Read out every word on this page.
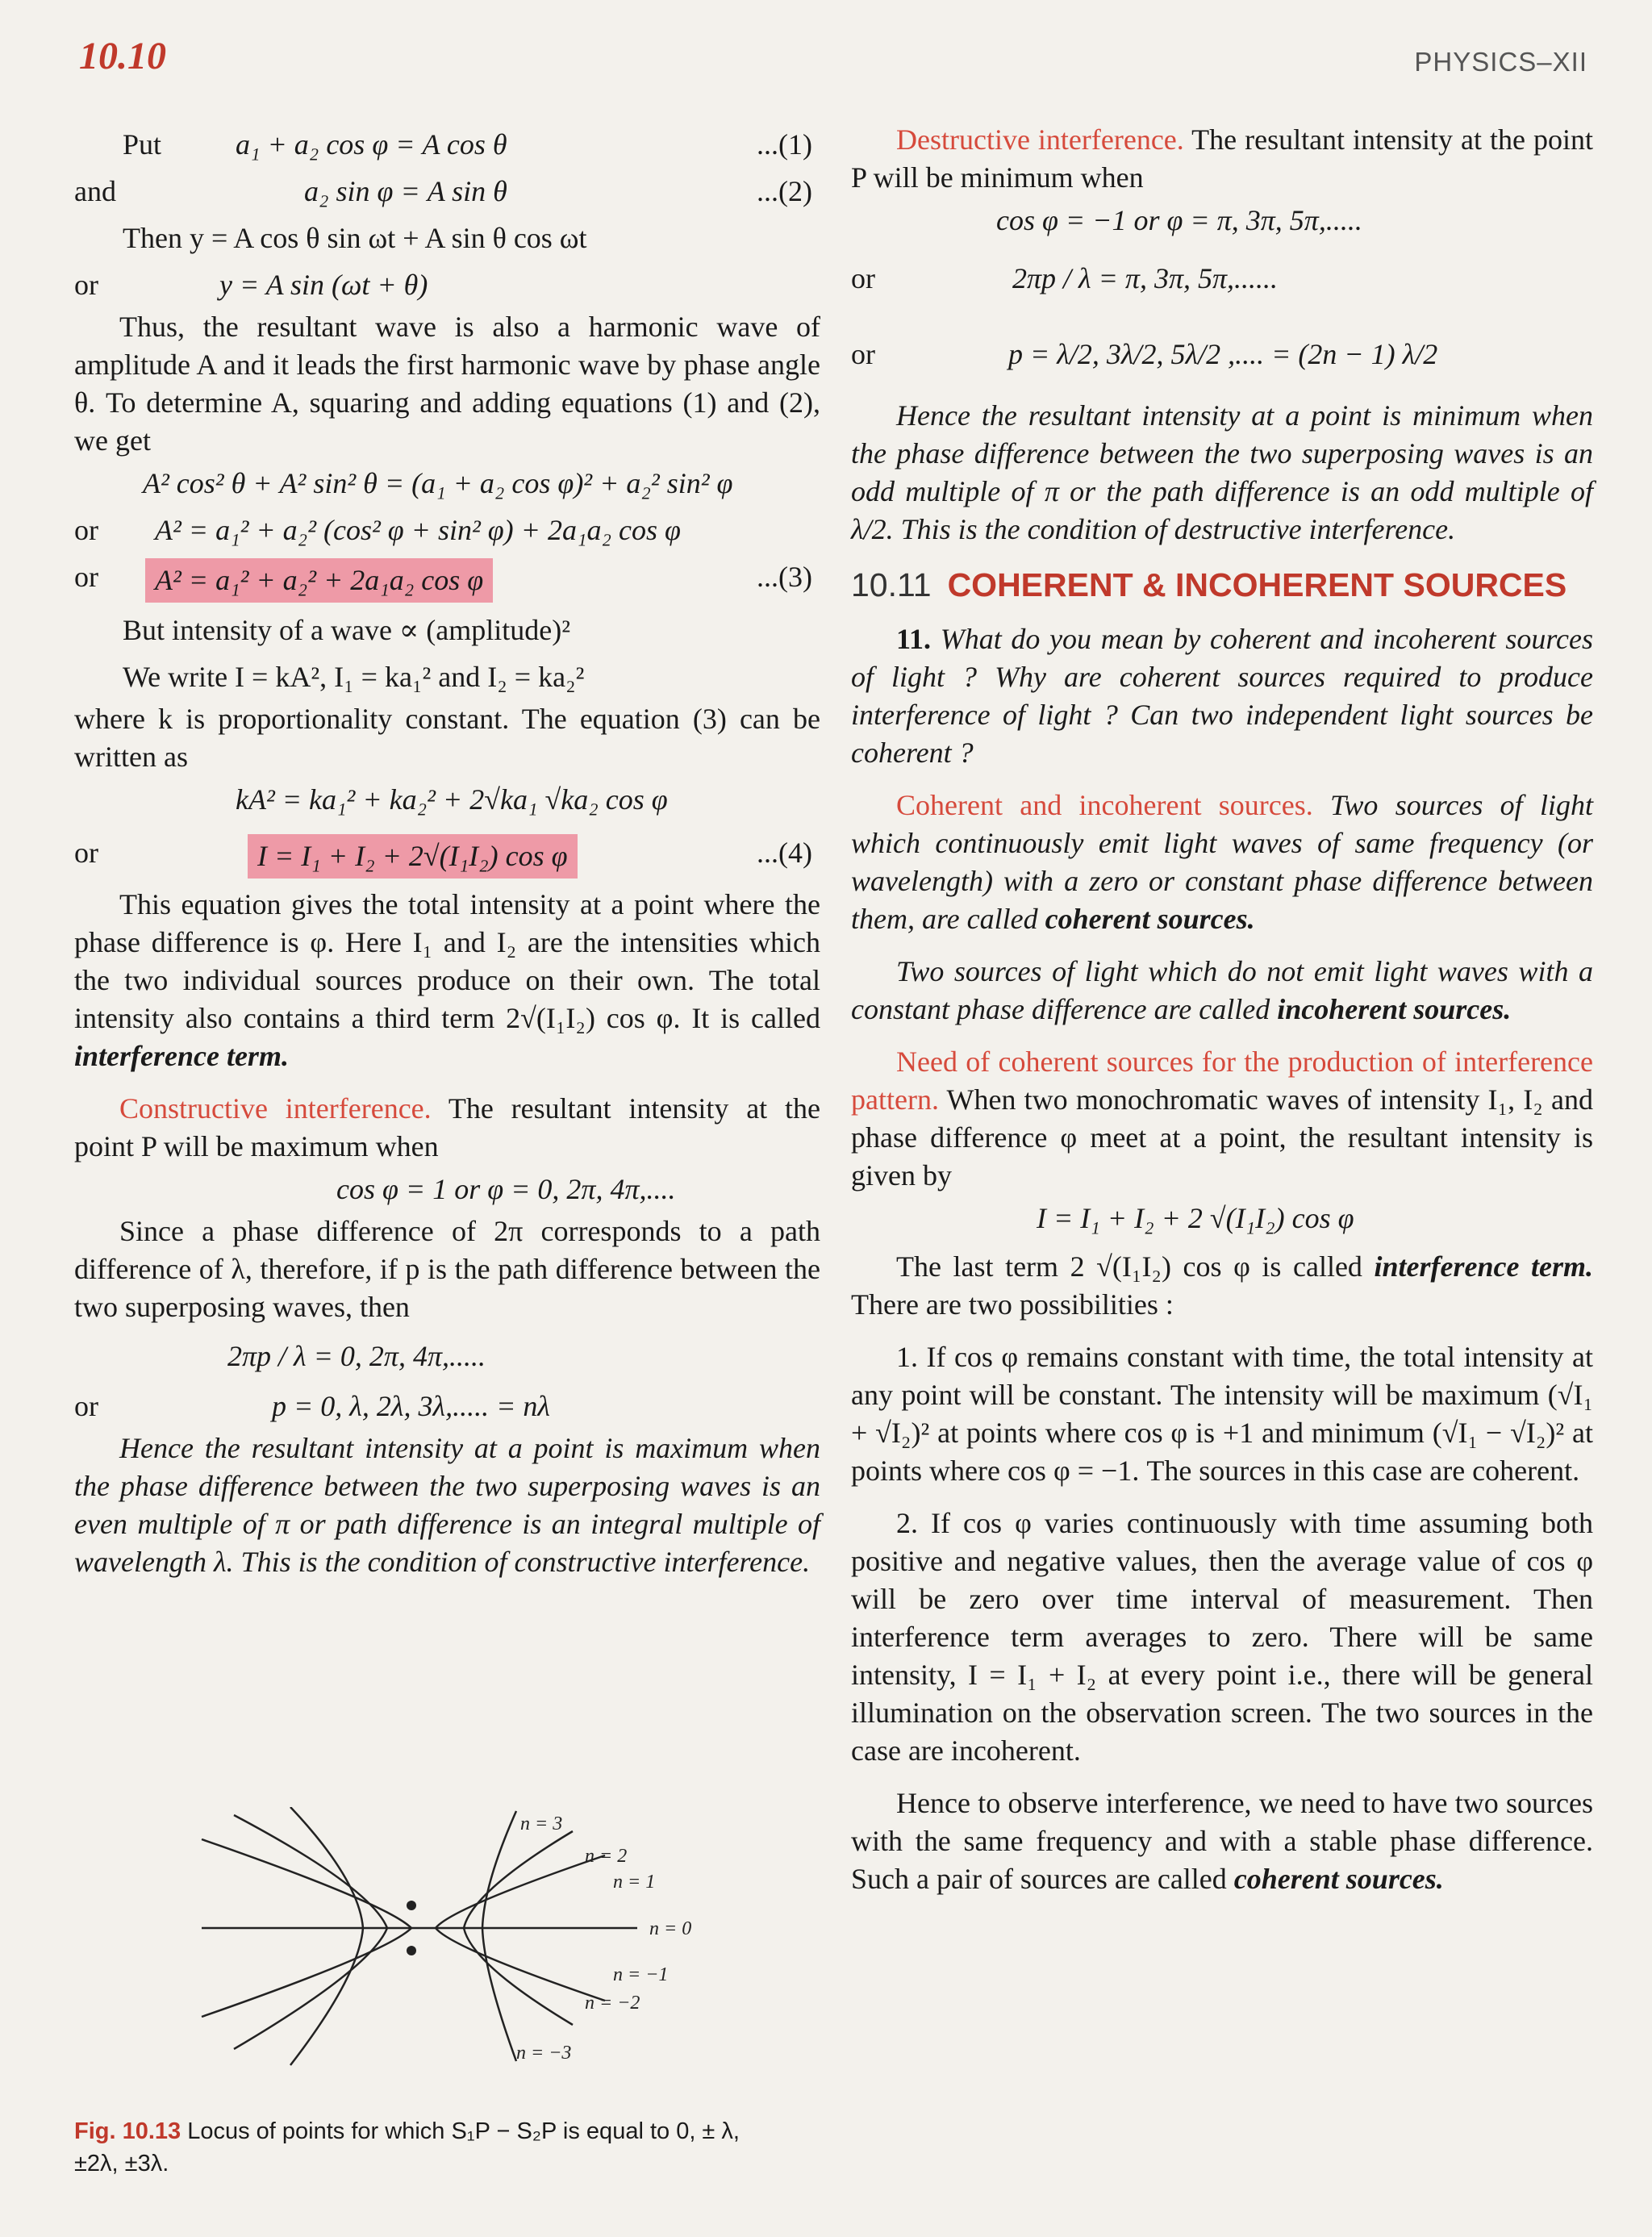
10.10	PHYSICS–XII
Put	a₁ + a₂ cos φ = A cos θ	...(1)
and	a₂ sin φ = A sin θ	...(2)
Then y = A cos θ sin ωt + A sin θ cos ωt
or	y = A sin (ωt + θ)

Thus, the resultant wave is also a harmonic wave of amplitude A and it leads the first harmonic wave by phase angle θ. To determine A, squaring and adding equations (1) and (2), we get

A² cos² θ + A² sin² θ = (a₁ + a₂ cos φ)² + a₂² sin² φ
or A² = a₁² + a₂² (cos² φ + sin² φ) + 2a₁a₂ cos φ
or	A² = a₁² + a₂² + 2a₁a₂ cos φ	...(3)
But intensity of a wave ∝ (amplitude)²
We write I = kA², I₁ = ka₁² and I₂ = ka₂²

where k is proportionality constant. The equation (3) can be written as

kA² = ka₁² + ka₂² + 2√ka₁ √ka₂ cos φ
or	I = I₁ + I₂ + 2√(I₁I₂) cos φ	...(4)

This equation gives the total intensity at a point where the phase difference is φ. Here I₁ and I₂ are the intensities which the two individual sources produce on their own. The total intensity also contains a third term 2√(I₁I₂) cos φ. It is called interference term.

Constructive interference. The resultant intensity at the point P will be maximum when

cos φ = 1 or φ = 0, 2π, 4π,....

Since a phase difference of 2π corresponds to a path difference of λ, therefore, if p is the path difference between the two superposing waves, then

2πp / λ = 0, 2π, 4π,.....
or	p = 0, λ, 2λ, 3λ,..... = nλ

Hence the resultant intensity at a point is maximum when the phase difference between the two superposing waves is an even multiple of π or path difference is an integral multiple of wavelength λ. This is the condition of constructive interference.

n = 3
n = 2
n = 1
n = 0
n = −1
n = −2
n = −3
Fig. 10.13 Locus of points for which S₁P − S₂P is equal to 0, ± λ, ±2λ, ±3λ.

Destructive interference. The resultant intensity at the point P will be minimum when

cos φ = −1 or φ = π, 3π, 5π,.....
or	2πp / λ = π, 3π, 5π,......
or	p = λ/2, 3λ/2, 5λ/2 ,.... = (2n − 1) λ/2

Hence the resultant intensity at a point is minimum when the phase difference between the two superposing waves is an odd multiple of π or the path difference is an odd multiple of λ/2. This is the condition of destructive interference.

10.11 COHERENT & INCOHERENT SOURCES

11. What do you mean by coherent and incoherent sources of light ? Why are coherent sources required to produce interference of light ? Can two independent light sources be coherent ?

Coherent and incoherent sources. Two sources of light which continuously emit light waves of same frequency (or wavelength) with a zero or constant phase difference between them, are called coherent sources.

Two sources of light which do not emit light waves with a constant phase difference are called incoherent sources.

Need of coherent sources for the production of interference pattern. When two monochromatic waves of intensity I₁, I₂ and phase difference φ meet at a point, the resultant intensity is given by

I = I₁ + I₂ + 2 √(I₁I₂) cos φ

The last term 2 √(I₁I₂) cos φ is called interference term. There are two possibilities :

1. If cos φ remains constant with time, the total intensity at any point will be constant. The intensity will be maximum (√I₁ + √I₂)² at points where cos φ is +1 and minimum (√I₁ − √I₂)² at points where cos φ = −1. The sources in this case are coherent.

2. If cos φ varies continuously with time assuming both positive and negative values, then the average value of cos φ will be zero over time interval of measurement. Then interference term averages to zero. There will be same intensity, I = I₁ + I₂ at every point i.e., there will be general illumination on the observation screen. The two sources in the case are incoherent.

Hence to observe interference, we need to have two sources with the same frequency and with a stable phase difference. Such a pair of sources are called coherent sources.
